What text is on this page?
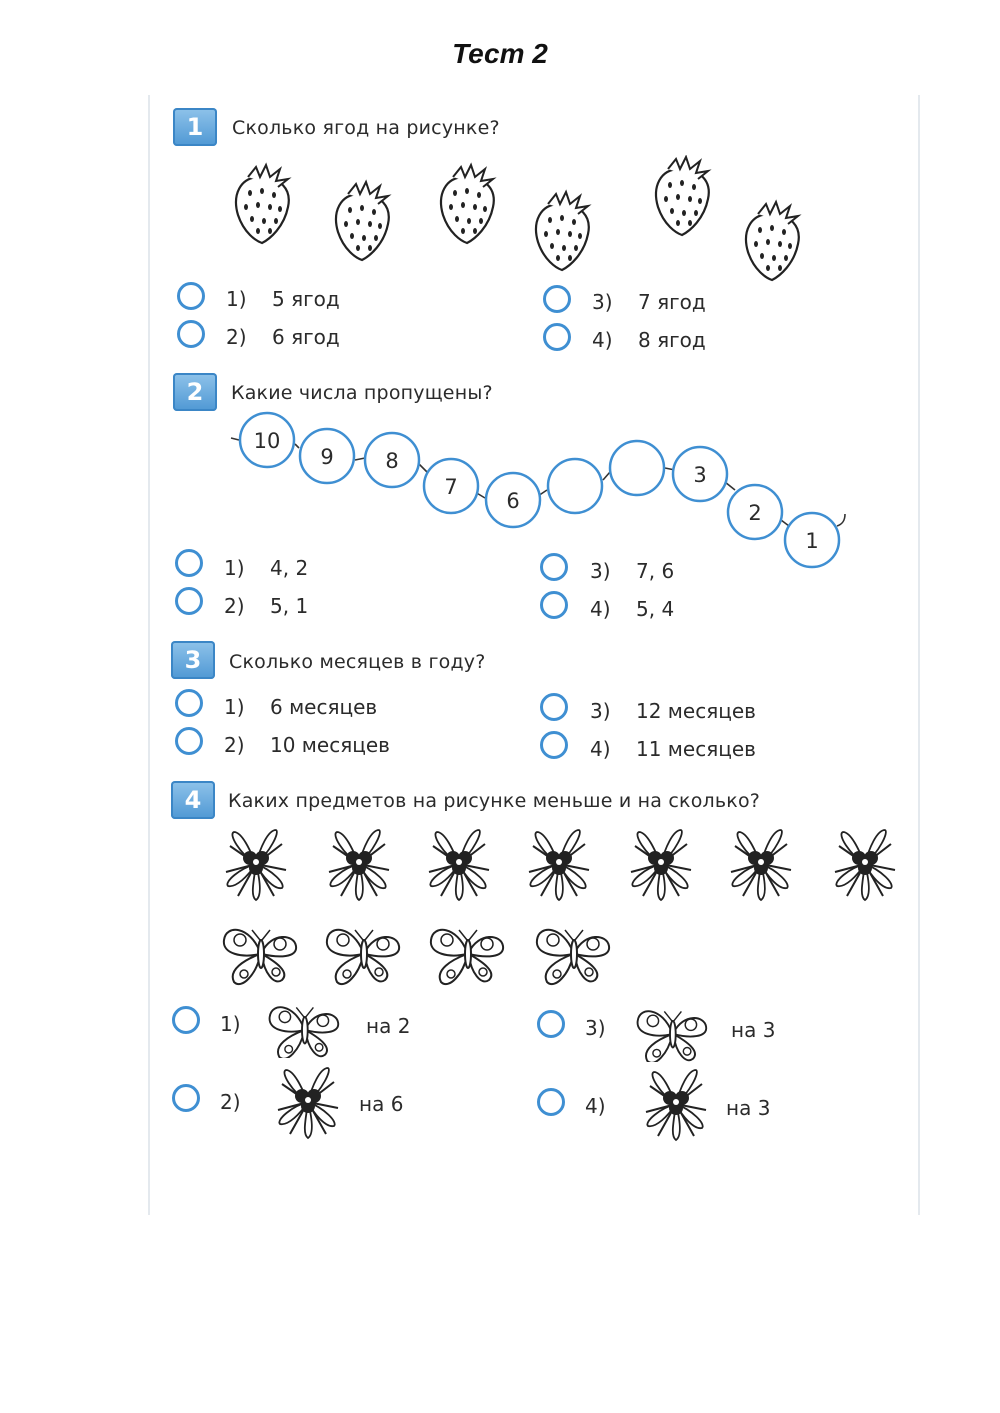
Тест 2
1	Сколько ягод на рисунке?
1) 5 ягод
2) 6 ягод
3) 7 ягод
4) 8 ягод
2	Какие числа пропущены?
10
9 8
7
6
3
2
1
1) 4, 2
2) 5, 1
3) 7, 6
4) 5, 4
3	Сколько месяцев в году?
1) 6 месяцев
2) 10 месяцев
3) 12 месяцев
4) 11 месяцев
4	Каких предметов на рисунке меньше и на сколько?
1)	на 2
2)	на 6
3)	на 3
4)	на 3
